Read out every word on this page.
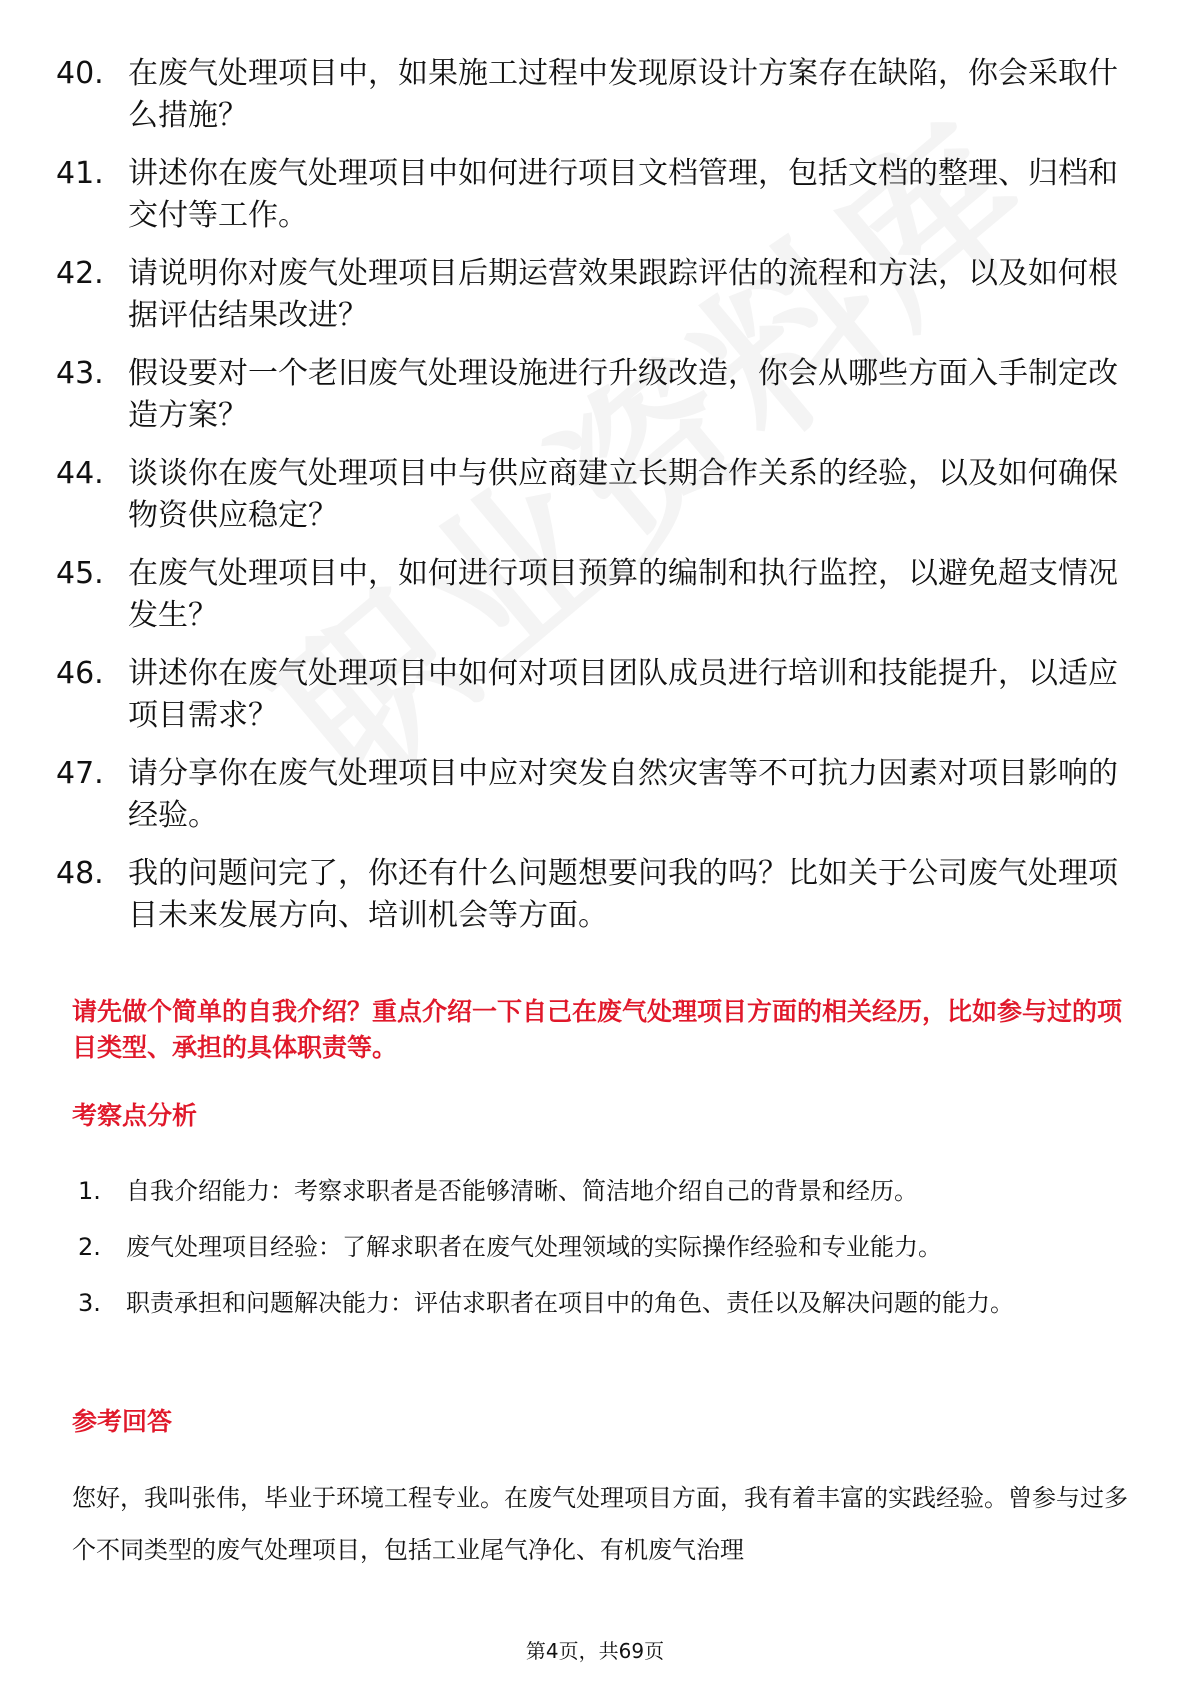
40. 在废气处理项目中，如果施工过程中发现原设计方案存在缺陷，你会采取什么措施？
41. 讲述你在废气处理项目中如何进行项目文档管理，包括文档的整理、归档和交付等工作。
42. 请说明你对废气处理项目后期运营效果跟踪评估的流程和方法，以及如何根据评估结果改进？
43. 假设要对一个老旧废气处理设施进行升级改造，你会从哪些方面入手制定改造方案？
44. 谈谈你在废气处理项目中与供应商建立长期合作关系的经验，以及如何确保物资供应稳定？
45. 在废气处理项目中，如何进行项目预算的编制和执行监控，以避免超支情况发生？
46. 讲述你在废气处理项目中如何对项目团队成员进行培训和技能提升，以适应项目需求？
47. 请分享你在废气处理项目中应对突发自然灾害等不可抗力因素对项目影响的经验。
48. 我的问题问完了，你还有什么问题想要问我的吗？比如关于公司废气处理项目未来发展方向、培训机会等方面。
请先做个简单的自我介绍？重点介绍一下自己在废气处理项目方面的相关经历，比如参与过的项目类型、承担的具体职责等。
考察点分析
1.	自我介绍能力：考察求职者是否能够清晰、简洁地介绍自己的背景和经历。
2.	废气处理项目经验：了解求职者在废气处理领域的实际操作经验和专业能力。
3.	职责承担和问题解决能力：评估求职者在项目中的角色、责任以及解决问题的能力。
参考回答

您好，我叫张伟，毕业于环境工程专业。在废气处理项目方面，我有着丰富的实践经验。曾参与过多个不同类型的废气处理项目，包括工业尾气净化、有机废气治理

第4页，共69页
